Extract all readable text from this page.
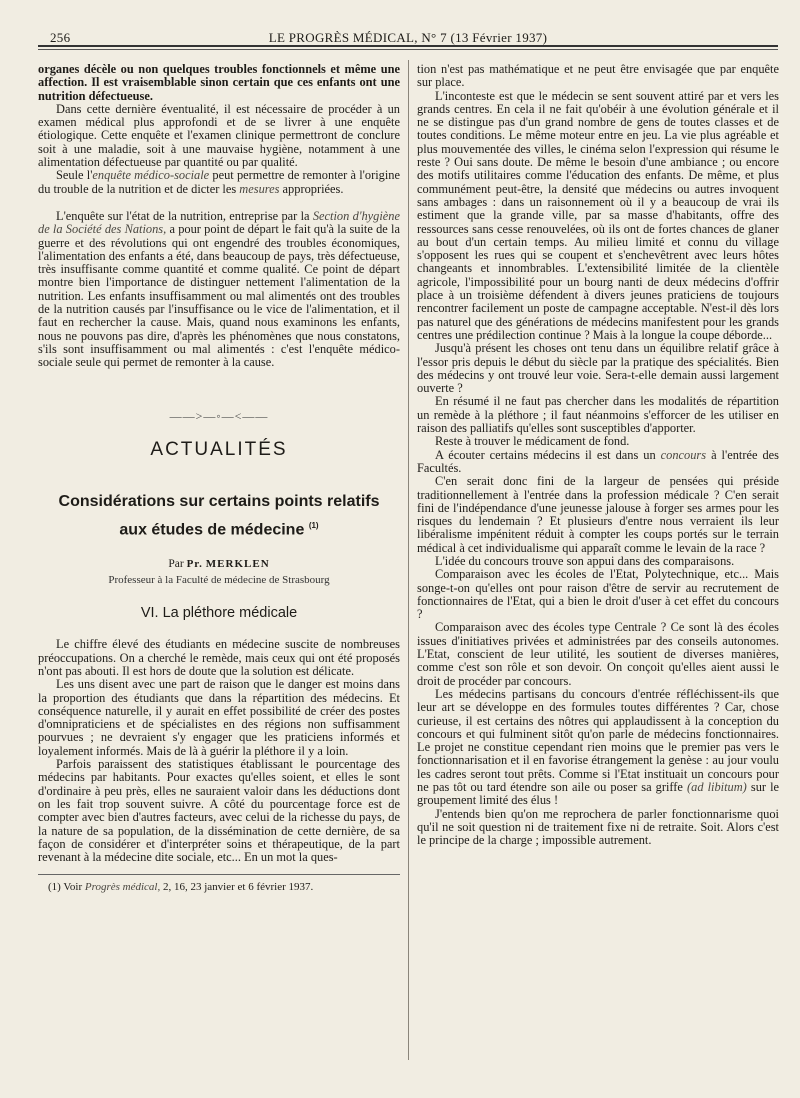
256	LE PROGRÈS MÉDICAL, N° 7 (13 Février 1937)

organes décèle ou non quelques troubles fonctionnels et même une affection. Il est vraisemblable sinon certain que ces enfants ont une nutrition défectueuse.

Dans cette dernière éventualité, il est nécessaire de procéder à un examen médical plus approfondi et de se livrer à une enquête étiologique. Cette enquête et l'examen clinique permettront de conclure soit à une maladie, soit à une mauvaise hygiène, notamment à une alimentation défectueuse par quantité ou par qualité.

Seule l'enquête médico-sociale peut permettre de remonter à l'origine du trouble de la nutrition et de dicter les mesures appropriées.

L'enquête sur l'état de la nutrition, entreprise par la Section d'hygiène de la Société des Nations, a pour point de départ le fait qu'à la suite de la guerre et des révolutions qui ont engendré des troubles économiques, l'alimentation des enfants a été, dans beaucoup de pays, très défectueuse, très insuffisante comme quantité et comme qualité. Ce point de départ montre bien l'importance de distinguer nettement l'alimentation de la nutrition. Les enfants insuffisamment ou mal alimentés ont des troubles de la nutrition causés par l'insuffisance ou le vice de l'alimentation, et il faut en rechercher la cause. Mais, quand nous examinons les enfants, nous ne pouvons pas dire, d'après les phénomènes que nous constatons, s'ils sont insuffisamment ou mal alimentés : c'est l'enquête médico-sociale seule qui permet de remonter à la cause.

——>—◦—<——
ACTUALITÉS
Considérations sur certains points relatifs
aux études de médecine $^{(1)}$
Par Pr. MERKLEN
Professeur à la Faculté de médecine de Strasbourg
VI. La pléthore médicale

Le chiffre élevé des étudiants en médecine suscite de nombreuses préoccupations. On a cherché le remède, mais ceux qui ont été proposés n'ont pas abouti. Il est hors de doute que la solution est délicate.

Les uns disent avec une part de raison que le danger est moins dans la proportion des étudiants que dans la répartition des médecins. Et conséquence naturelle, il y aurait en effet possibilité de créer des postes d'omnipraticiens et de spécialistes en des régions non suffisamment pourvues ; ne devraient s'y engager que les praticiens informés et loyalement informés. Mais de là à guérir la pléthore il y a loin.

Parfois paraissent des statistiques établissant le pourcentage des médecins par habitants. Pour exactes qu'elles soient, et elles le sont d'ordinaire à peu près, elles ne sauraient valoir dans les déductions dont on les fait trop souvent suivre. A côté du pourcentage force est de compter avec bien d'autres facteurs, avec celui de la richesse du pays, de la nature de sa population, de la dissémination de cette dernière, de sa façon de considérer et d'interpréter soins et thérapeutique, de la part revenant à la médecine dite sociale, etc... En un mot la ques-

(1) Voir Progrès médical, 2, 16, 23 janvier et 6 février 1937.

tion n'est pas mathématique et ne peut être envisagée que par enquête sur place.

L'inconteste est que le médecin se sent souvent attiré par et vers les grands centres. En cela il ne fait qu'obéir à une évolution générale et il ne se distingue pas d'un grand nombre de gens de toutes classes et de toutes conditions. Le même moteur entre en jeu. La vie plus agréable et plus mouvementée des villes, le cinéma selon l'expression qui résume le reste ? Oui sans doute. De même le besoin d'une ambiance ; ou encore des motifs utilitaires comme l'éducation des enfants. De même, et plus communément peut-être, la densité que médecins ou autres invoquent sans ambages : dans un raisonnement où il y a beaucoup de vrai ils estiment que la grande ville, par sa masse d'habitants, offre des ressources sans cesse renouvelées, où ils ont de fortes chances de glaner au bout d'un certain temps. Au milieu limité et connu du village s'opposent les rues qui se coupent et s'enchevêtrent avec leurs hôtes changeants et innombrables. L'extensibilité limitée de la clientèle agricole, l'impossibilité pour un bourg nanti de deux médecins d'offrir place à un troisième défendent à divers jeunes praticiens de toujours rencontrer facilement un poste de campagne acceptable. N'est-il dès lors pas naturel que des générations de médecins manifestent pour les grands centres une prédilection continue ? Mais à la longue la coupe déborde...

Jusqu'à présent les choses ont tenu dans un équilibre relatif grâce à l'essor pris depuis le début du siècle par la pratique des spécialités. Bien des médecins y ont trouvé leur voie. Sera-t-elle demain aussi largement ouverte ?

En résumé il ne faut pas chercher dans les modalités de répartition un remède à la pléthore ; il faut néanmoins s'efforcer de les utiliser en raison des palliatifs qu'elles sont susceptibles d'apporter.

Reste à trouver le médicament de fond.

A écouter certains médecins il est dans un concours à l'entrée des Facultés.

C'en serait donc fini de la largeur de pensées qui préside traditionnellement à l'entrée dans la profession médicale ? C'en serait fini de l'indépendance d'une jeunesse jalouse à forger ses armes pour les risques du lendemain ? Et plusieurs d'entre nous verraient ils leur libéralisme impénitent réduit à compter les coups portés sur le terrain médical à cet individualisme qui apparaît comme le levain de la race ?

L'idée du concours trouve son appui dans des comparaisons.

Comparaison avec les écoles de l'Etat, Polytechnique, etc... Mais songe-t-on qu'elles ont pour raison d'être de servir au recrutement de fonctionnaires de l'Etat, qui a bien le droit d'user à cet effet du concours ?

Comparaison avec des écoles type Centrale ? Ce sont là des écoles issues d'initiatives privées et administrées par des conseils autonomes. L'Etat, conscient de leur utilité, les soutient de diverses manières, comme c'est son rôle et son devoir. On conçoit qu'elles aient aussi le droit de procéder par concours.

Les médecins partisans du concours d'entrée réfléchissent-ils que leur art se développe en des formules toutes différentes ? Car, chose curieuse, il est certains des nôtres qui applaudissent à la conception du concours et qui fulminent sitôt qu'on parle de médecins fonctionnaires. Le projet ne constitue cependant rien moins que le premier pas vers le fonctionnarisation et il en favorise étrangement la genèse : au jour voulu les cadres seront tout prêts. Comme si l'Etat instituait un concours pour ne pas tôt ou tard étendre son aile ou poser sa griffe (ad libitum) sur le groupement limité des élus !

J'entends bien qu'on me reprochera de parler fonctionnarisme quoi qu'il ne soit question ni de traitement fixe ni de retraite. Soit. Alors c'est le principe de la charge ; impossible autrement.
